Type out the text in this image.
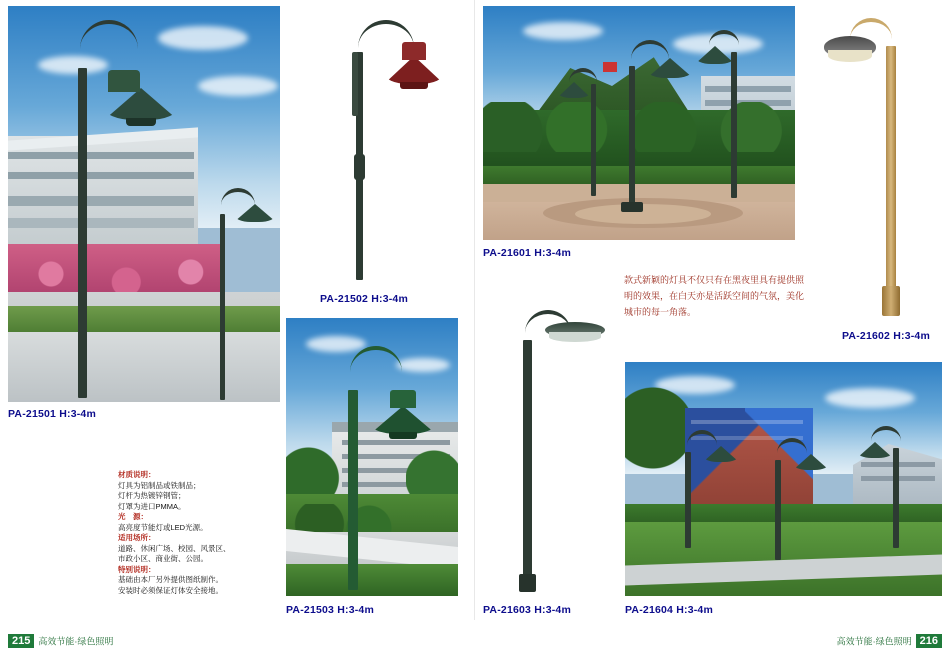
PA-21501 H:3-4m
PA-21502 H:3-4m
PA-21503 H:3-4m
PA-21601 H:3-4m
PA-21602 H:3-4m
PA-21603 H:3-4m	PA-21604 H:3-4m
材质说明：
灯具为铝制品或铁制品；
灯杆为热镀锌钢管；
灯罩为进口PMMA。
光　源：
高亮度节能灯或LED光源。
适用场所：
道路、休闲广场、校园、风景区、
市政小区、商业街、公园。
特别说明：
基础由本厂另外提供图纸制作。
安装时必须保证灯体安全接地。
款式新颖的灯具不仅只有在黑夜里具有提供照明的效果，在白天亦是活跃空间的气氛，美化城市的每一角落。
215 高效节能·绿色照明	高效节能·绿色照明 216
